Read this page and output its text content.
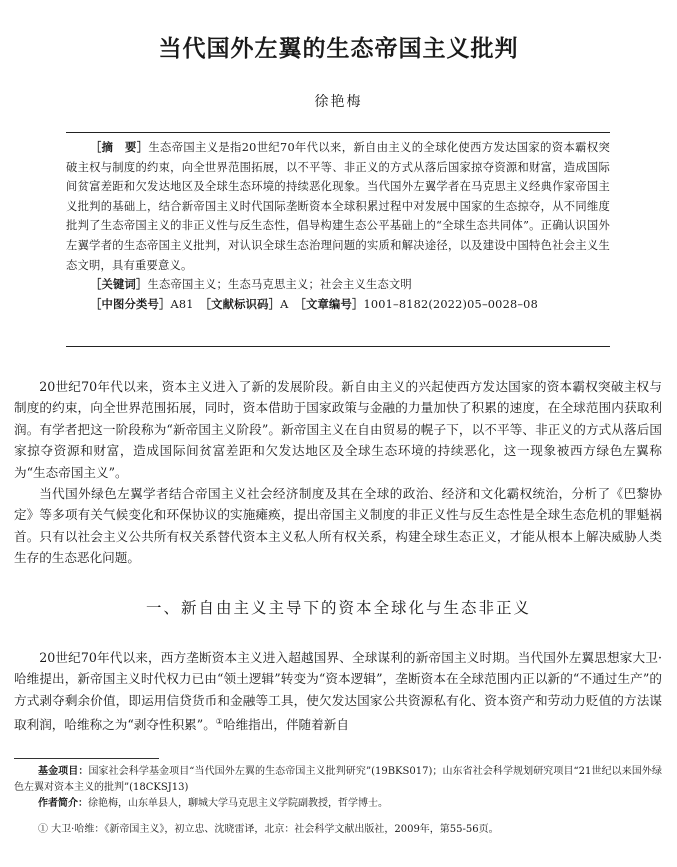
当代国外左翼的生态帝国主义批判
徐艳梅

［摘　要］生态帝国主义是指20世纪70年代以来，新自由主义的全球化使西方发达国家的资本霸权突破主权与制度的约束，向全世界范围拓展，以不平等、非正义的方式从落后国家掠夺资源和财富，造成国际间贫富差距和欠发达地区及全球生态环境的持续恶化现象。当代国外左翼学者在马克思主义经典作家帝国主义批判的基础上，结合新帝国主义时代国际垄断资本全球积累过程中对发展中国家的生态掠夺，从不同维度批判了生态帝国主义的非正义性与反生态性，倡导构建生态公平基础上的“全球生态共同体”。正确认识国外左翼学者的生态帝国主义批判，对认识全球生态治理问题的实质和解决途径，以及建设中国特色社会主义生态文明，具有重要意义。

［关键词］生态帝国主义；生态马克思主义；社会主义生态文明
［中图分类号］A81 ［文献标识码］A ［文章编号］1001–8182(2022)05–0028–08

20世纪70年代以来，资本主义进入了新的发展阶段。新自由主义的兴起使西方发达国家的资本霸权突破主权与制度的约束，向全世界范围拓展，同时，资本借助于国家政策与金融的力量加快了积累的速度，在全球范围内获取利润。有学者把这一阶段称为“新帝国主义阶段”。新帝国主义在自由贸易的幌子下，以不平等、非正义的方式从落后国家掠夺资源和财富，造成国际间贫富差距和欠发达地区及全球生态环境的持续恶化，这一现象被西方绿色左翼称为“生态帝国主义”。

当代国外绿色左翼学者结合帝国主义社会经济制度及其在全球的政治、经济和文化霸权统治，分析了《巴黎协定》等多项有关气候变化和环保协议的实施瘫痪，提出帝国主义制度的非正义性与反生态性是全球生态危机的罪魁祸首。只有以社会主义公共所有权关系替代资本主义私人所有权关系，构建全球生态正义，才能从根本上解决威胁人类生存的生态恶化问题。

一、新自由主义主导下的资本全球化与生态非正义

20世纪70年代以来，西方垄断资本主义进入超越国界、全球谋利的新帝国主义时期。当代国外左翼思想家大卫·哈维提出，新帝国主义时代权力已由“领土逻辑”转变为“资本逻辑”，垄断资本在全球范围内正以新的“不通过生产”的方式剥夺剩余价值，即运用信贷货币和金融等工具，使欠发达国家公共资源私有化、资本资产和劳动力贬值的方法谋取利润，哈维称之为“剥夺性积累”。①哈维指出，伴随着新自

基金项目：国家社会科学基金项目“当代国外左翼的生态帝国主义批判研究”(19BKS017)；山东省社会科学规划研究项目“21世纪以来国外绿色左翼对资本主义的批判”(18CKSJ13)

作者简介：徐艳梅，山东单县人，聊城大学马克思主义学院副教授，哲学博士。

① 大卫·哈维：《新帝国主义》，初立忠、沈晓雷译，北京：社会科学文献出版社，2009年，第55-56页。
